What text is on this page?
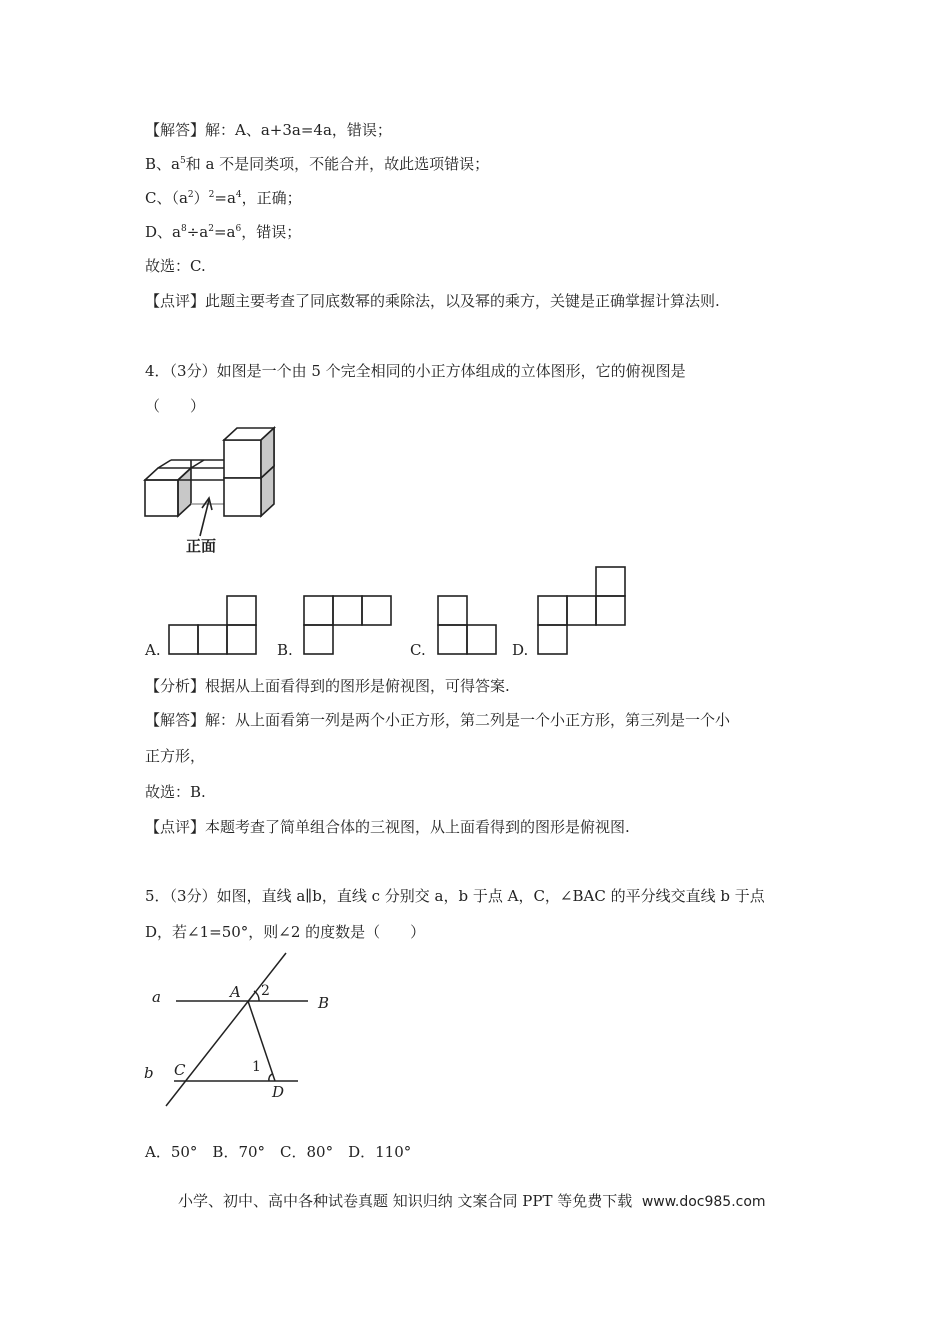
【解答】解：A、a+3a=4a，错误；
B、$a^5$和 a 不是同类项，不能合并，故此选项错误；
C、$(a^2)^2=a^4$，正确；
D、$a^8\div a^2=a^6$，错误；
故选：C.
【点评】此题主要考查了同底数幂的乘除法，以及幂的乘方，关键是正确掌握计算法则.
4．（3分）如图是一个由 5 个完全相同的小正方体组成的立体图形，它的俯视图是
（　　）
正面
A.	B.	C.	D.
【分析】根据从上面看得到的图形是俯视图，可得答案.
【解答】解：从上面看第一列是两个小正方形，第二列是一个小正方形，第三列是一个小
正方形，
故选：B.
【点评】本题考查了简单组合体的三视图，从上面看得到的图形是俯视图.
5．（3分）如图，直线 a∥b，直线 c 分别交 a，b 于点 A，C，∠BAC 的平分线交直线 b 于点
D，若∠1=50°，则∠2 的度数是（　　）
a
b
A
B
C
D
2
1
A．50°　B．70°　C．80°　D．110°
小学、初中、高中各种试卷真题 知识归纳 文案合同 PPT 等免费下载 www.doc985.com
